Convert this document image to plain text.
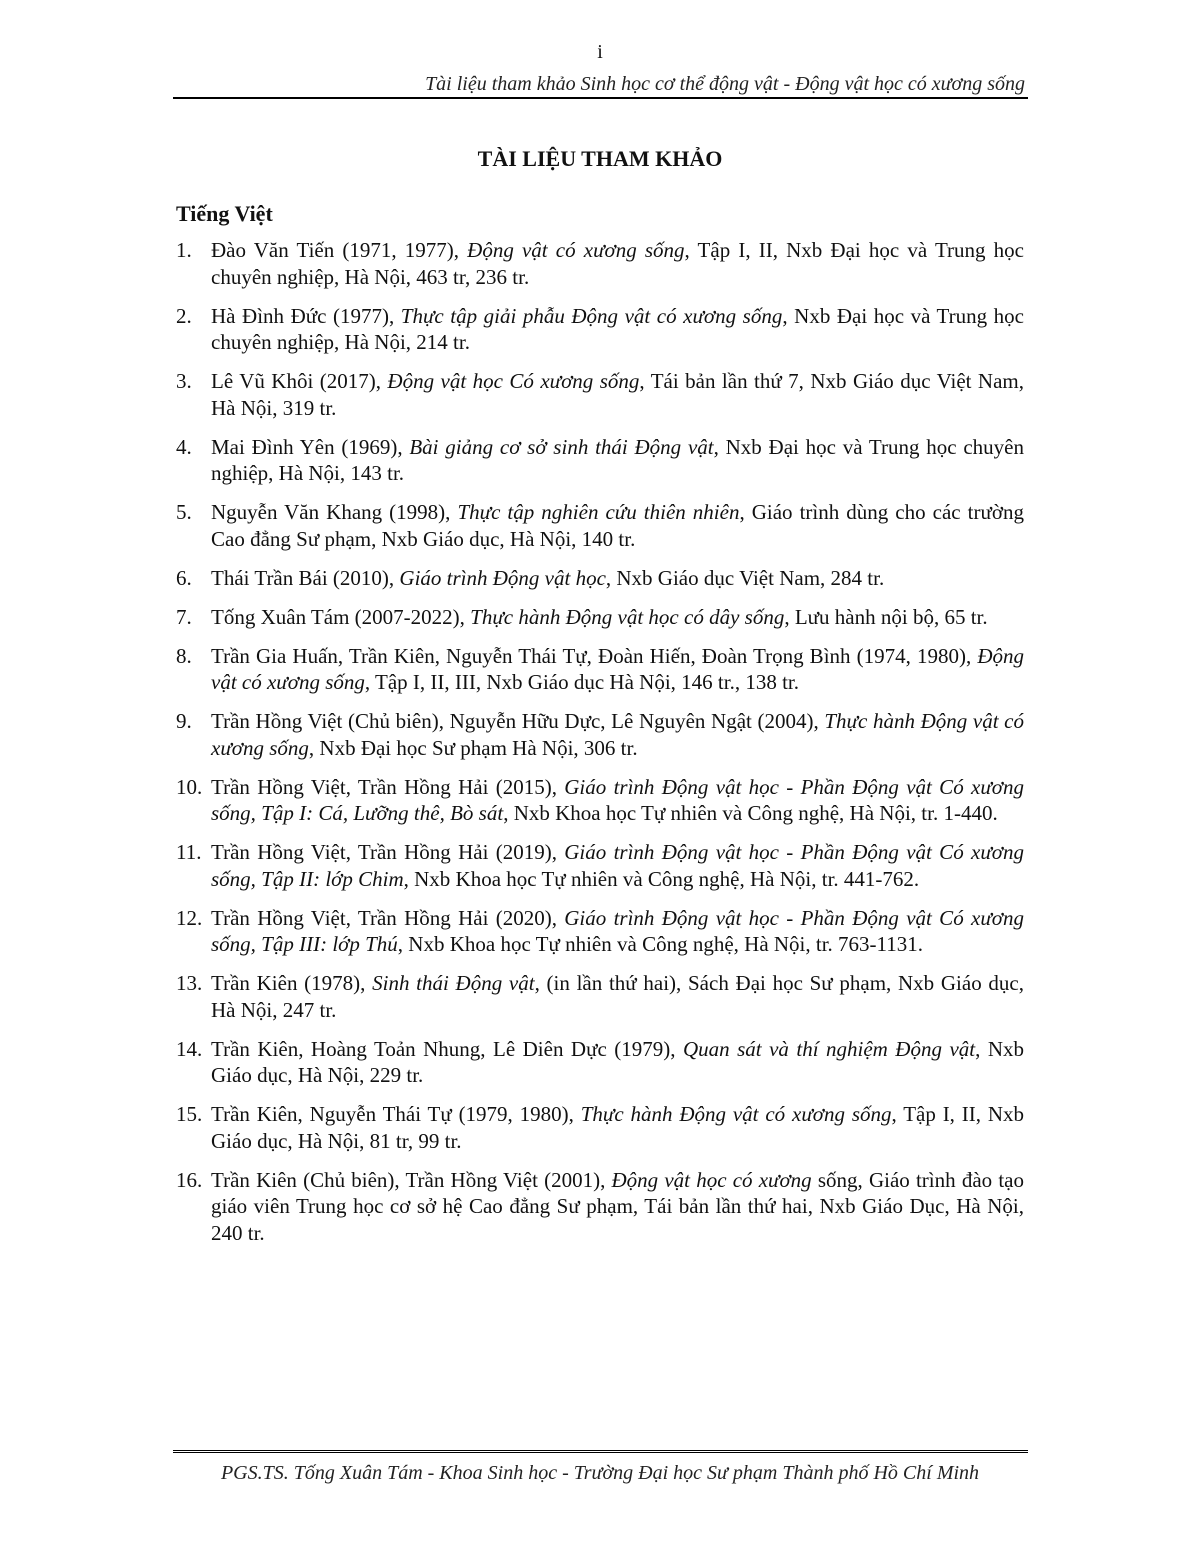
i
Tài liệu tham khảo Sinh học cơ thể động vật - Động vật học có xương sống
TÀI LIỆU THAM KHẢO
Tiếng Việt
1. Đào Văn Tiến (1971, 1977), Động vật có xương sống, Tập I, II, Nxb Đại học và Trung học chuyên nghiệp, Hà Nội, 463 tr, 236 tr.
2. Hà Đình Đức (1977), Thực tập giải phẫu Động vật có xương sống, Nxb Đại học và Trung học chuyên nghiệp, Hà Nội, 214 tr.
3. Lê Vũ Khôi (2017), Động vật học Có xương sống, Tái bản lần thứ 7, Nxb Giáo dục Việt Nam, Hà Nội, 319 tr.
4. Mai Đình Yên (1969), Bài giảng cơ sở sinh thái Động vật, Nxb Đại học và Trung học chuyên nghiệp, Hà Nội, 143 tr.
5. Nguyễn Văn Khang (1998), Thực tập nghiên cứu thiên nhiên, Giáo trình dùng cho các trường Cao đẳng Sư phạm, Nxb Giáo dục, Hà Nội, 140 tr.
6. Thái Trần Bái (2010), Giáo trình Động vật học, Nxb Giáo dục Việt Nam, 284 tr.
7. Tống Xuân Tám (2007-2022), Thực hành Động vật học có dây sống, Lưu hành nội bộ, 65 tr.
8. Trần Gia Huấn, Trần Kiên, Nguyễn Thái Tự, Đoàn Hiến, Đoàn Trọng Bình (1974, 1980), Động vật có xương sống, Tập I, II, III, Nxb Giáo dục Hà Nội, 146 tr., 138 tr.
9. Trần Hồng Việt (Chủ biên), Nguyễn Hữu Dực, Lê Nguyên Ngật (2004), Thực hành Động vật có xương sống, Nxb Đại học Sư phạm Hà Nội, 306 tr.
10. Trần Hồng Việt, Trần Hồng Hải (2015), Giáo trình Động vật học - Phần Động vật Có xương sống, Tập I: Cá, Lưỡng thê, Bò sát, Nxb Khoa học Tự nhiên và Công nghệ, Hà Nội, tr. 1-440.
11. Trần Hồng Việt, Trần Hồng Hải (2019), Giáo trình Động vật học - Phần Động vật Có xương sống, Tập II: lớp Chim, Nxb Khoa học Tự nhiên và Công nghệ, Hà Nội, tr. 441-762.
12. Trần Hồng Việt, Trần Hồng Hải (2020), Giáo trình Động vật học - Phần Động vật Có xương sống, Tập III: lớp Thú, Nxb Khoa học Tự nhiên và Công nghệ, Hà Nội, tr. 763-1131.
13. Trần Kiên (1978), Sinh thái Động vật, (in lần thứ hai), Sách Đại học Sư phạm, Nxb Giáo dục, Hà Nội, 247 tr.
14. Trần Kiên, Hoàng Toản Nhung, Lê Diên Dực (1979), Quan sát và thí nghiệm Động vật, Nxb Giáo dục, Hà Nội, 229 tr.
15. Trần Kiên, Nguyễn Thái Tự (1979, 1980), Thực hành Động vật có xương sống, Tập I, II, Nxb Giáo dục, Hà Nội, 81 tr, 99 tr.
16. Trần Kiên (Chủ biên), Trần Hồng Việt (2001), Động vật học có xương sống, Giáo trình đào tạo giáo viên Trung học cơ sở hệ Cao đẳng Sư phạm, Tái bản lần thứ hai, Nxb Giáo Dục, Hà Nội, 240 tr.
PGS.TS. Tống Xuân Tám - Khoa Sinh học - Trường Đại học Sư phạm Thành phố Hồ Chí Minh
